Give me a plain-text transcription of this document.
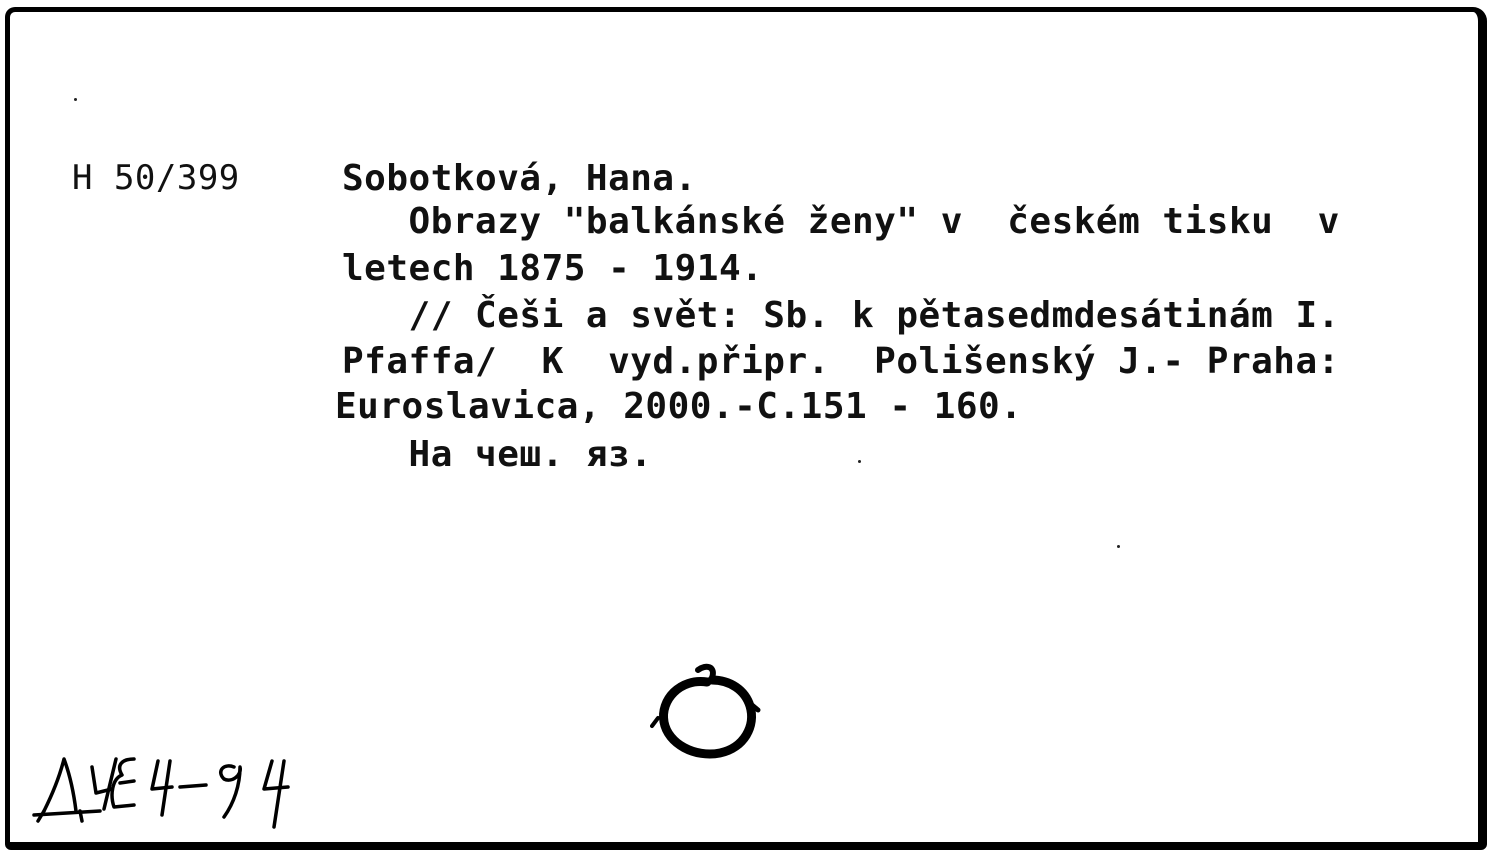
H 50/399	Sobotková, Hana.
Obrazy "balkánské ženy" v  českém tisku  v
letech 1875 - 1914.
// Češi a svět: Sb. k pětasedmdesátinám I.
Pfaffa/  K  vyd.připr.  Polišenský J.- Praha:
Euroslavica, 2000.-C.151 - 160.
На чеш. яз.
